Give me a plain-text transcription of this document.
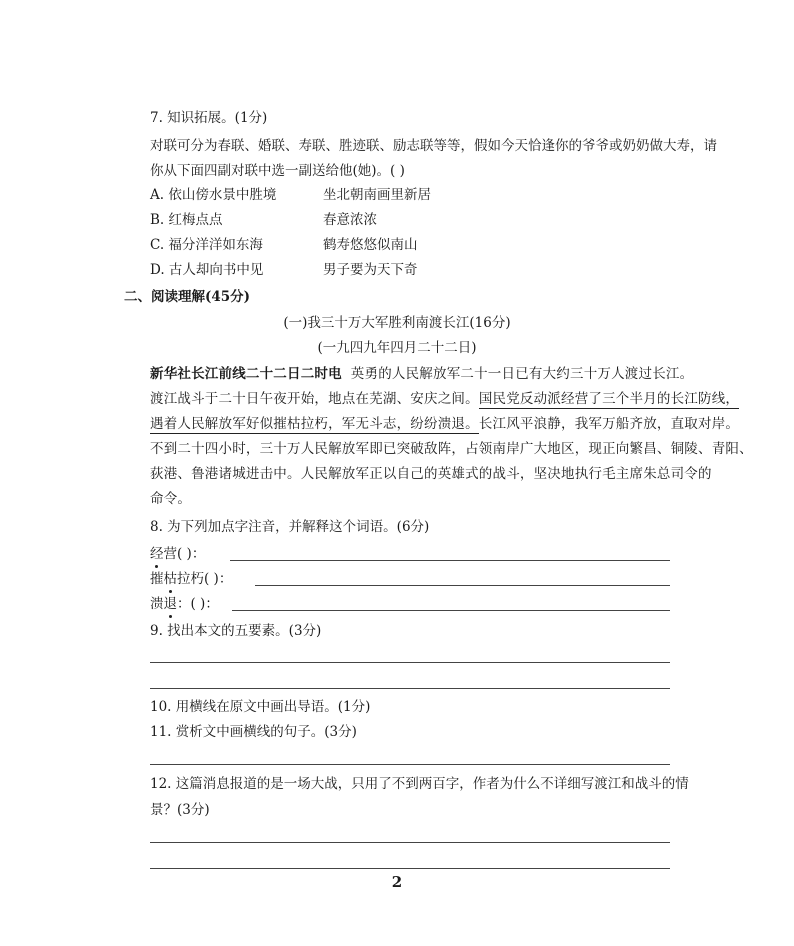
7. 知识拓展。(1分)
对联可分为春联、婚联、寿联、胜迹联、励志联等等，假如今天恰逢你的爷爷或奶奶做大寿，请
你从下面四副对联中选一副送给他(她)。( )
A. 依山傍水景中胜境	坐北朝南画里新居
B. 红梅点点	春意浓浓
C. 福分洋洋如东海	鹤寿悠悠似南山
D. 古人却向书中见	男子要为天下奇
二、阅读理解(45分)
(一)我三十万大军胜利南渡长江(16分)
(一九四九年四月二十二日)
新华社长江前线二十二日二时电 英勇的人民解放军二十一日已有大约三十万人渡过长江。
渡江战斗于二十日午夜开始，地点在芜湖、安庆之间。国民党反动派经营了三个半月的长江防线，
遇着人民解放军好似摧枯拉朽，军无斗志，纷纷溃退。长江风平浪静，我军万船齐放，直取对岸。
不到二十四小时，三十万人民解放军即已突破敌阵，占领南岸广大地区，现正向繁昌、铜陵、青阳、
荻港、鲁港诸城进击中。人民解放军正以自己的英雄式的战斗，坚决地执行毛主席朱总司令的
命令。
8. 为下列加点字注音，并解释这个词语。(6分)
经营( )：
摧枯拉朽( )：
溃退：( )：
9. 找出本文的五要素。(3分)
10. 用横线在原文中画出导语。(1分)
11. 赏析文中画横线的句子。(3分)
12. 这篇消息报道的是一场大战，只用了不到两百字，作者为什么不详细写渡江和战斗的情
景？(3分)
2
